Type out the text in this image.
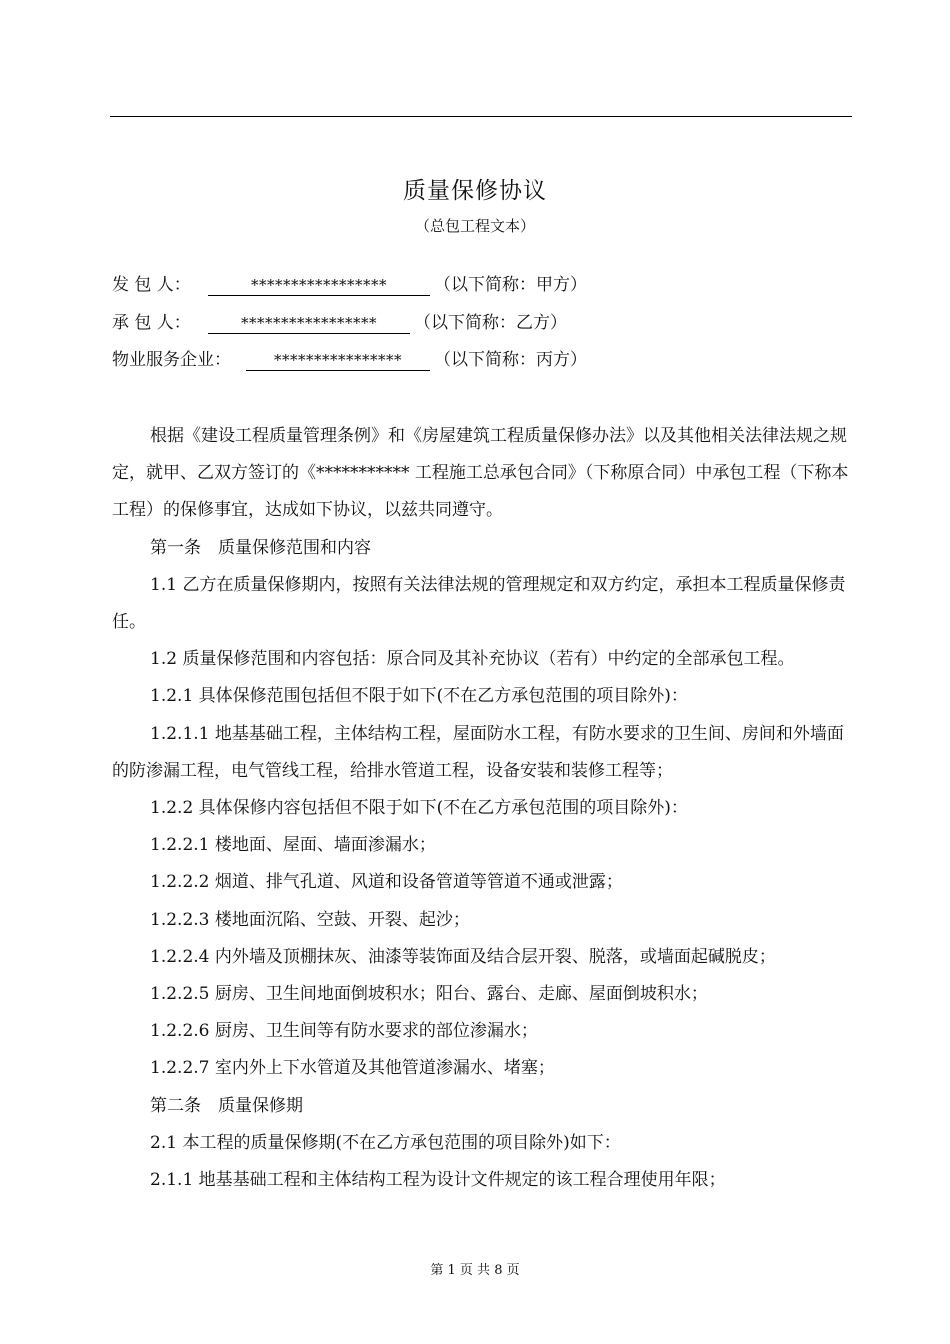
质量保修协议
（总包工程文本）
发 包 人：	*****************	（以下简称：甲方）
承 包 人：	***************** （以下简称：乙方）
物业服务企业：	**************** （以下简称：丙方）

根据《建设工程质量管理条例》和《房屋建筑工程质量保修办法》以及其他相关法律法规之规定，就甲、乙双方签订的《*********** 工程施工总承包合同》（下称原合同）中承包工程（下称本工程）的保修事宜，达成如下协议，以兹共同遵守。

第一条　质量保修范围和内容

1.1 乙方在质量保修期内，按照有关法律法规的管理规定和双方约定，承担本工程质量保修责任。

1.2 质量保修范围和内容包括：原合同及其补充协议（若有）中约定的全部承包工程。

1.2.1 具体保修范围包括但不限于如下(不在乙方承包范围的项目除外)：

1.2.1.1 地基基础工程，主体结构工程，屋面防水工程，有防水要求的卫生间、房间和外墙面的防渗漏工程，电气管线工程，给排水管道工程，设备安装和装修工程等；

1.2.2 具体保修内容包括但不限于如下(不在乙方承包范围的项目除外)：

1.2.2.1 楼地面、屋面、墙面渗漏水；

1.2.2.2 烟道、排气孔道、风道和设备管道等管道不通或泄露；

1.2.2.3 楼地面沉陷、空鼓、开裂、起沙；

1.2.2.4 内外墙及顶棚抹灰、油漆等装饰面及结合层开裂、脱落，或墙面起碱脱皮；

1.2.2.5 厨房、卫生间地面倒坡积水；阳台、露台、走廊、屋面倒坡积水；

1.2.2.6 厨房、卫生间等有防水要求的部位渗漏水；

1.2.2.7 室内外上下水管道及其他管道渗漏水、堵塞；

第二条　质量保修期

2.1 本工程的质量保修期(不在乙方承包范围的项目除外)如下：

2.1.1 地基基础工程和主体结构工程为设计文件规定的该工程合理使用年限；

第 1 页 共 8 页
